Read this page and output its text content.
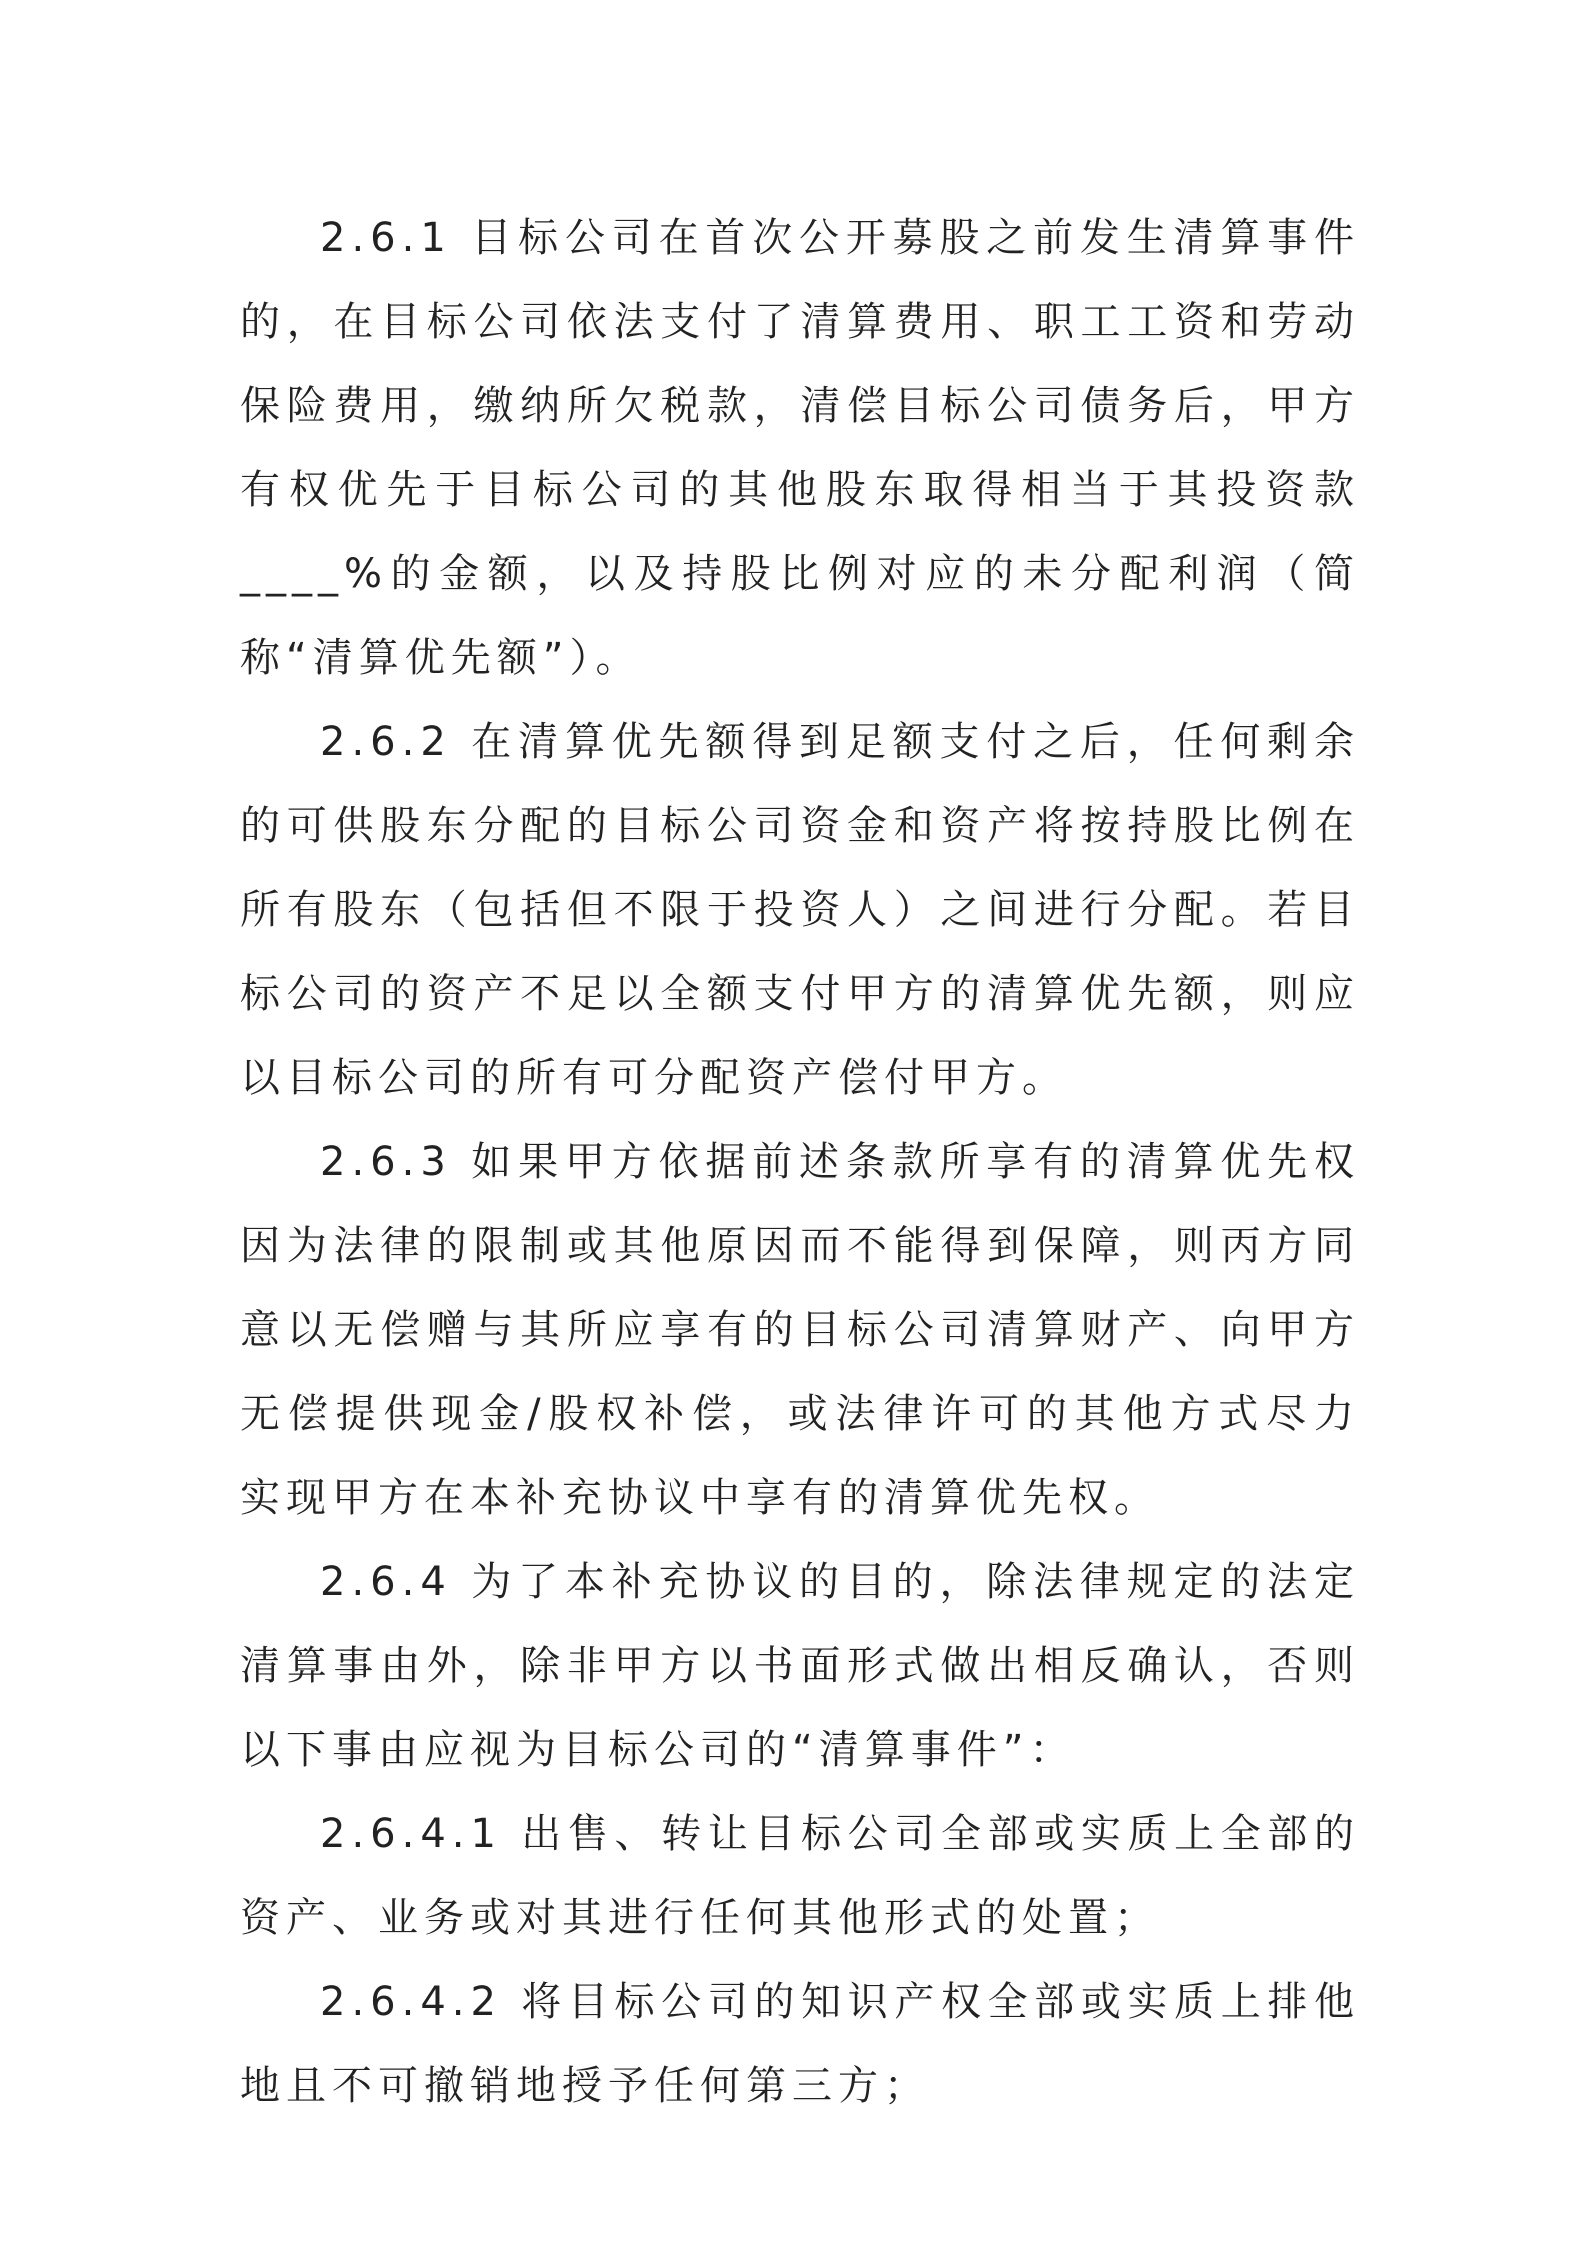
2.6.1 目标公司在首次公开募股之前发生清算事件的，在目标公司依法支付了清算费用、职工工资和劳动保险费用，缴纳所欠税款，清偿目标公司债务后，甲方有权优先于目标公司的其他股东取得相当于其投资款____%的金额，以及持股比例对应的未分配利润（简称“清算优先额”）。

2.6.2 在清算优先额得到足额支付之后，任何剩余的可供股东分配的目标公司资金和资产将按持股比例在所有股东（包括但不限于投资人）之间进行分配。若目标公司的资产不足以全额支付甲方的清算优先额，则应以目标公司的所有可分配资产偿付甲方。

2.6.3 如果甲方依据前述条款所享有的清算优先权因为法律的限制或其他原因而不能得到保障，则丙方同意以无偿赠与其所应享有的目标公司清算财产、向甲方无偿提供现金/股权补偿，或法律许可的其他方式尽力实现甲方在本补充协议中享有的清算优先权。

2.6.4 为了本补充协议的目的，除法律规定的法定清算事由外，除非甲方以书面形式做出相反确认，否则以下事由应视为目标公司的“清算事件”：

2.6.4.1 出售、转让目标公司全部或实质上全部的资产、业务或对其进行任何其他形式的处置；

2.6.4.2 将目标公司的知识产权全部或实质上排他地且不可撤销地授予任何第三方；
